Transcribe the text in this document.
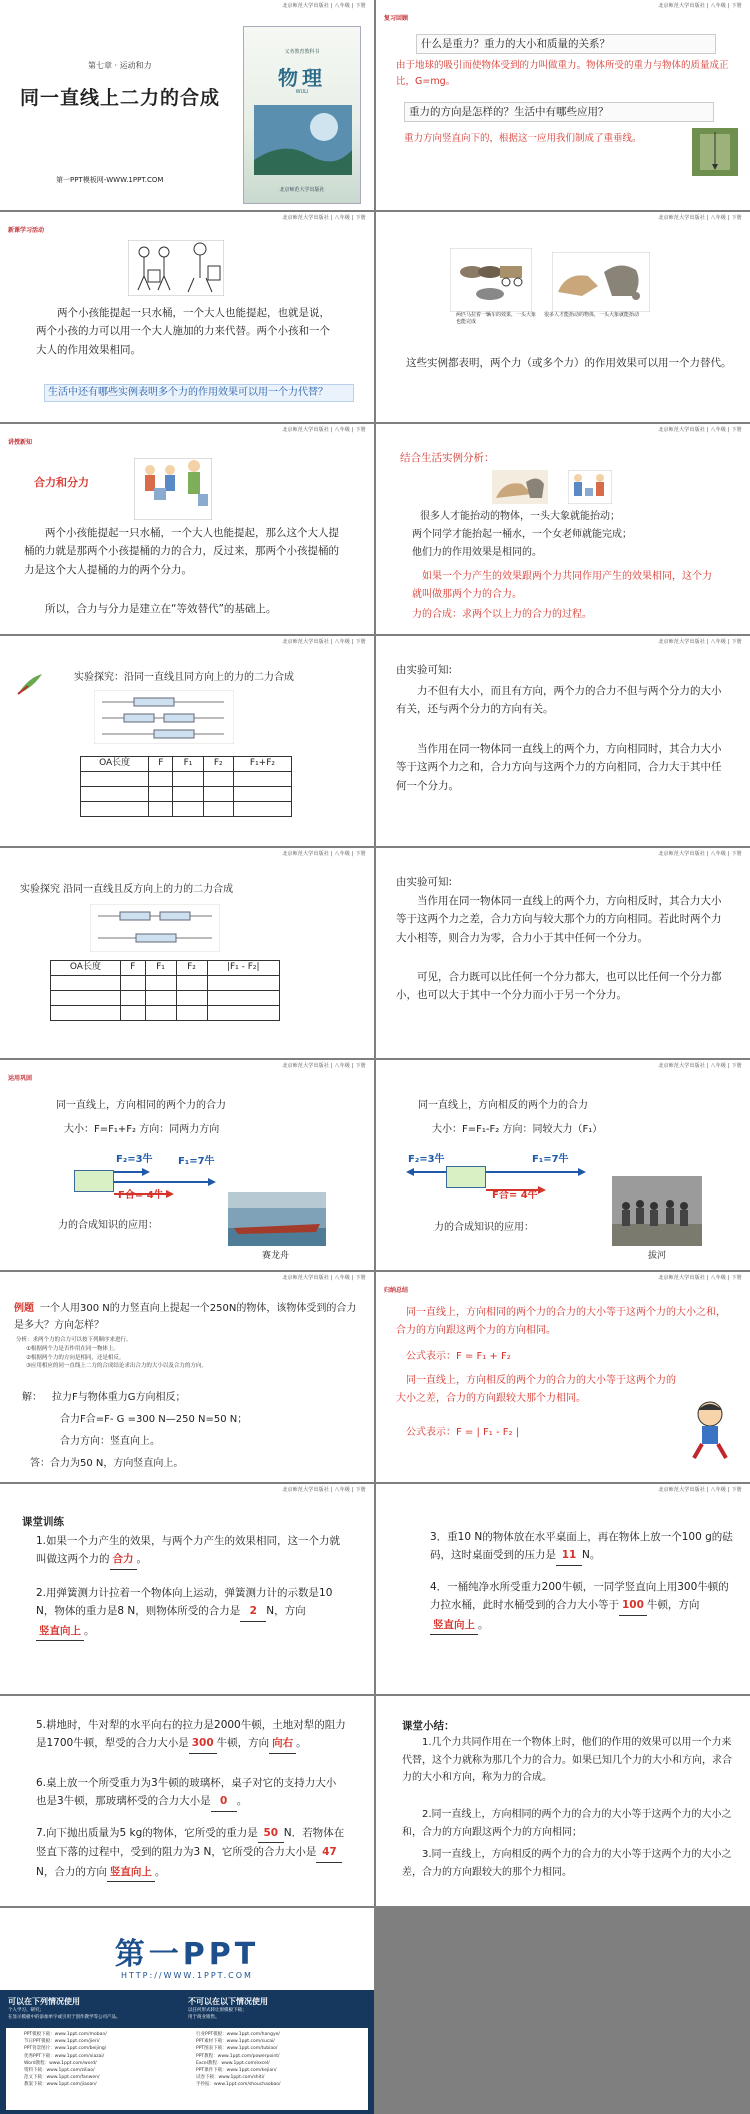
北京师范大学出版社 | 八年级 | 下册
第七章 · 运动和力
同一直线上二力的合成
第一PPT模板网-WWW.1PPT.COM
义务教育教科书
物理
WULI
北京师范大学出版社
北京师范大学出版社 | 八年级 | 下册
复习回顾
什么是重力？重力的大小和质量的关系？
由于地球的吸引而使物体受到的力叫做重力。物体所受的重力与物体的质量成正比，G=mg。
重力的方向是怎样的？生活中有哪些应用？
重力方向竖直向下的，根据这一应用我们制成了重垂线。
北京师范大学出版社 | 八年级 | 下册
新课学习活动
两个小孩能提起一只水桶，一个大人也能提起，也就是说，两个小孩的力可以用一个大人施加的力来代替。两个小孩和一个大人的作用效果相同。
生活中还有哪些实例表明多个力的作用效果可以用一个力代替？
北京师范大学出版社 | 八年级 | 下册
两匹马拉着一辆车的效果，一头大象也能完成
很多人才能抬动的物体，一头大象就能抬动
这些实例都表明，两个力（或多个力）的作用效果可以用一个力替代。
北京师范大学出版社 | 八年级 | 下册
讲授新知
合力和分力
两个小孩能提起一只水桶，一个大人也能提起，那么这个大人提桶的力就是那两个小孩提桶的力的合力，反过来，那两个小孩提桶的力是这个大人提桶的力的两个分力。
所以，合力与分力是建立在“等效替代”的基础上。
北京师范大学出版社 | 八年级 | 下册
结合生活实例分析：
很多人才能抬动的物体，一头大象就能抬动；
两个同学才能抬起一桶水，一个女老师就能完成；
他们力的作用效果是相同的。
如果一个力产生的效果跟两个力共同作用产生的效果相同，这个力就叫做那两个力的合力。
力的合成：求两个以上力的合力的过程。
北京师范大学出版社 | 八年级 | 下册
实验探究：沿同一直线且同方向上的力的二力合成
OA长度	F	F₁	F₂	F₁+F₂

北京师范大学出版社 | 八年级 | 下册
由实验可知:
力不但有大小，而且有方向，两个力的合力不但与两个分力的大小有关，还与两个分力的方向有关。
当作用在同一物体同一直线上的两个力，方向相同时，其合力大小等于这两个力之和，合力方向与这两个力的方向相同，合力大于其中任何一个分力。
北京师范大学出版社 | 八年级 | 下册
实验探究 沿同一直线且反方向上的力的二力合成
OA长度	F	F₁	F₂	|F₁ - F₂|

北京师范大学出版社 | 八年级 | 下册
由实验可知:
当作用在同一物体同一直线上的两个力，方向相反时，其合力大小等于这两个力之差，合力方向与较大那个力的方向相同。若此时两个力大小相等，则合力为零，合力小于其中任何一个分力。
可见，合力既可以比任何一个分力都大，也可以比任何一个分力都小，也可以大于其中一个分力而小于另一个分力。
北京师范大学出版社 | 八年级 | 下册
运用巩固
同一直线上，方向相同的两个力的合力
大小：F=F₁+F₂ 方向：同两力方向
F₂=3牛	F₁=7牛
F合= 4牛
力的合成知识的应用：
赛龙舟
北京师范大学出版社 | 八年级 | 下册
同一直线上，方向相反的两个力的合力
大小：F=F₁-F₂ 方向：同较大力（F₁）
F₂=3牛	F₁=7牛
F合= 4牛
力的合成知识的应用：
拔河
北京师范大学出版社 | 八年级 | 下册
例题 一个人用300 N的力竖直向上提起一个250N的物体，该物体受到的合力是多大？方向怎样？
分析：求两个力的合力可以按下列顺序来进行。
①根据两个力是否作用在同一物体上。
②根据两个力的方向是相同，还是相反。
③应用相应的同一直线上二力的合成结论求出合力的大小以及合力的方向。
解： 拉力F与物体重力G方向相反；
合力F合=F- G =300 N—250 N=50 N；
合力方向：竖直向上。
答：合力为50 N，方向竖直向上。
北京师范大学出版社 | 八年级 | 下册
归纳总结
同一直线上，方向相同的两个力的合力的大小等于这两个力的大小之和，合力的方向跟这两个力的方向相同。
公式表示：F = F₁ + F₂
同一直线上，方向相反的两个力的合力的大小等于这两个力的大小之差，合力的方向跟较大那个力相同。
公式表示：F = | F₁ - F₂ |
北京师范大学出版社 | 八年级 | 下册
课堂训练
1.如果一个力产生的效果，与两个力产生的效果相同，这一个力就叫做这两个力的 合力 。
2.用弹簧测力计拉着一个物体向上运动，弹簧测力计的示数是10 N，物体的重力是8 N，则物体所受的合力是 2 N，方向竖直向上 。
北京师范大学出版社 | 八年级 | 下册
3．重10 N的物体放在水平桌面上，再在物体上放一个100 g的砝码，这时桌面受到的压力是 11 N。
4．一桶纯净水所受重力200牛顿，一同学竖直向上用300牛顿的力拉水桶，此时水桶受到的合力大小等于 100 牛顿，方向竖直向上 。
5.耕地时，牛对犁的水平向右的拉力是2000牛顿，土地对犁的阻力是1700牛顿，犁受的合力大小是 300 牛顿，方向 向右 。
6.桌上放一个所受重力为3牛顿的玻璃杯，桌子对它的支持力大小也是3牛顿，那玻璃杯受的合力大小是 0 。
7.向下抛出质量为5 kg的物体，它所受的重力是 50 N．若物体在竖直下落的过程中，受到的阻力为3 N，它所受的合力大小是 47N，合力的方向 竖直向上 。
课堂小结：
1.几个力共同作用在一个物体上时，他们的作用的效果可以用一个力来代替，这个力就称为那几个力的合力。如果已知几个力的大小和方向，求合力的大小和方向，称为力的合成。
2.同一直线上，方向相同的两个力的合力的大小等于这两个力的大小之和，合力的方向跟这两个力的方向相同；
3.同一直线上，方向相反的两个力的合力的大小等于这两个力的大小之差，合力的方向跟较大的那个力相同。
第一PPT
HTTP://WWW.1PPT.COM
可以在下列情况使用
个人学习、研究；
在显示模板中的添加单字或引用于创作教学等公司产品。
不可以在以下情况使用
以任何形式转让原模板下载；
用于商业销售。
PPT模板下载：www.1ppt.com/moban/
节日PPT模板：www.1ppt.com/jieri/
PPT背景图片：www.1ppt.com/beijing/
优秀PPT下载：www.1ppt.com/xiazai/
Word教程：www.1ppt.com/word/
资料下载：www.1ppt.com/ziliao/
范文下载：www.1ppt.com/fanwen/
教案下载：www.1ppt.com/jiaoan/
行业PPT模板：www.1ppt.com/hangye/
PPT素材下载：www.1ppt.com/sucai/
PPT图表下载：www.1ppt.com/tubiao/
PPT教程：www.1ppt.com/powerpoint/
Excel教程：www.1ppt.com/excel/
PPT课件下载：www.1ppt.com/kejian/
试卷下载：www.1ppt.com/shiti/
手抄报：www.1ppt.com/shouchaobao/
